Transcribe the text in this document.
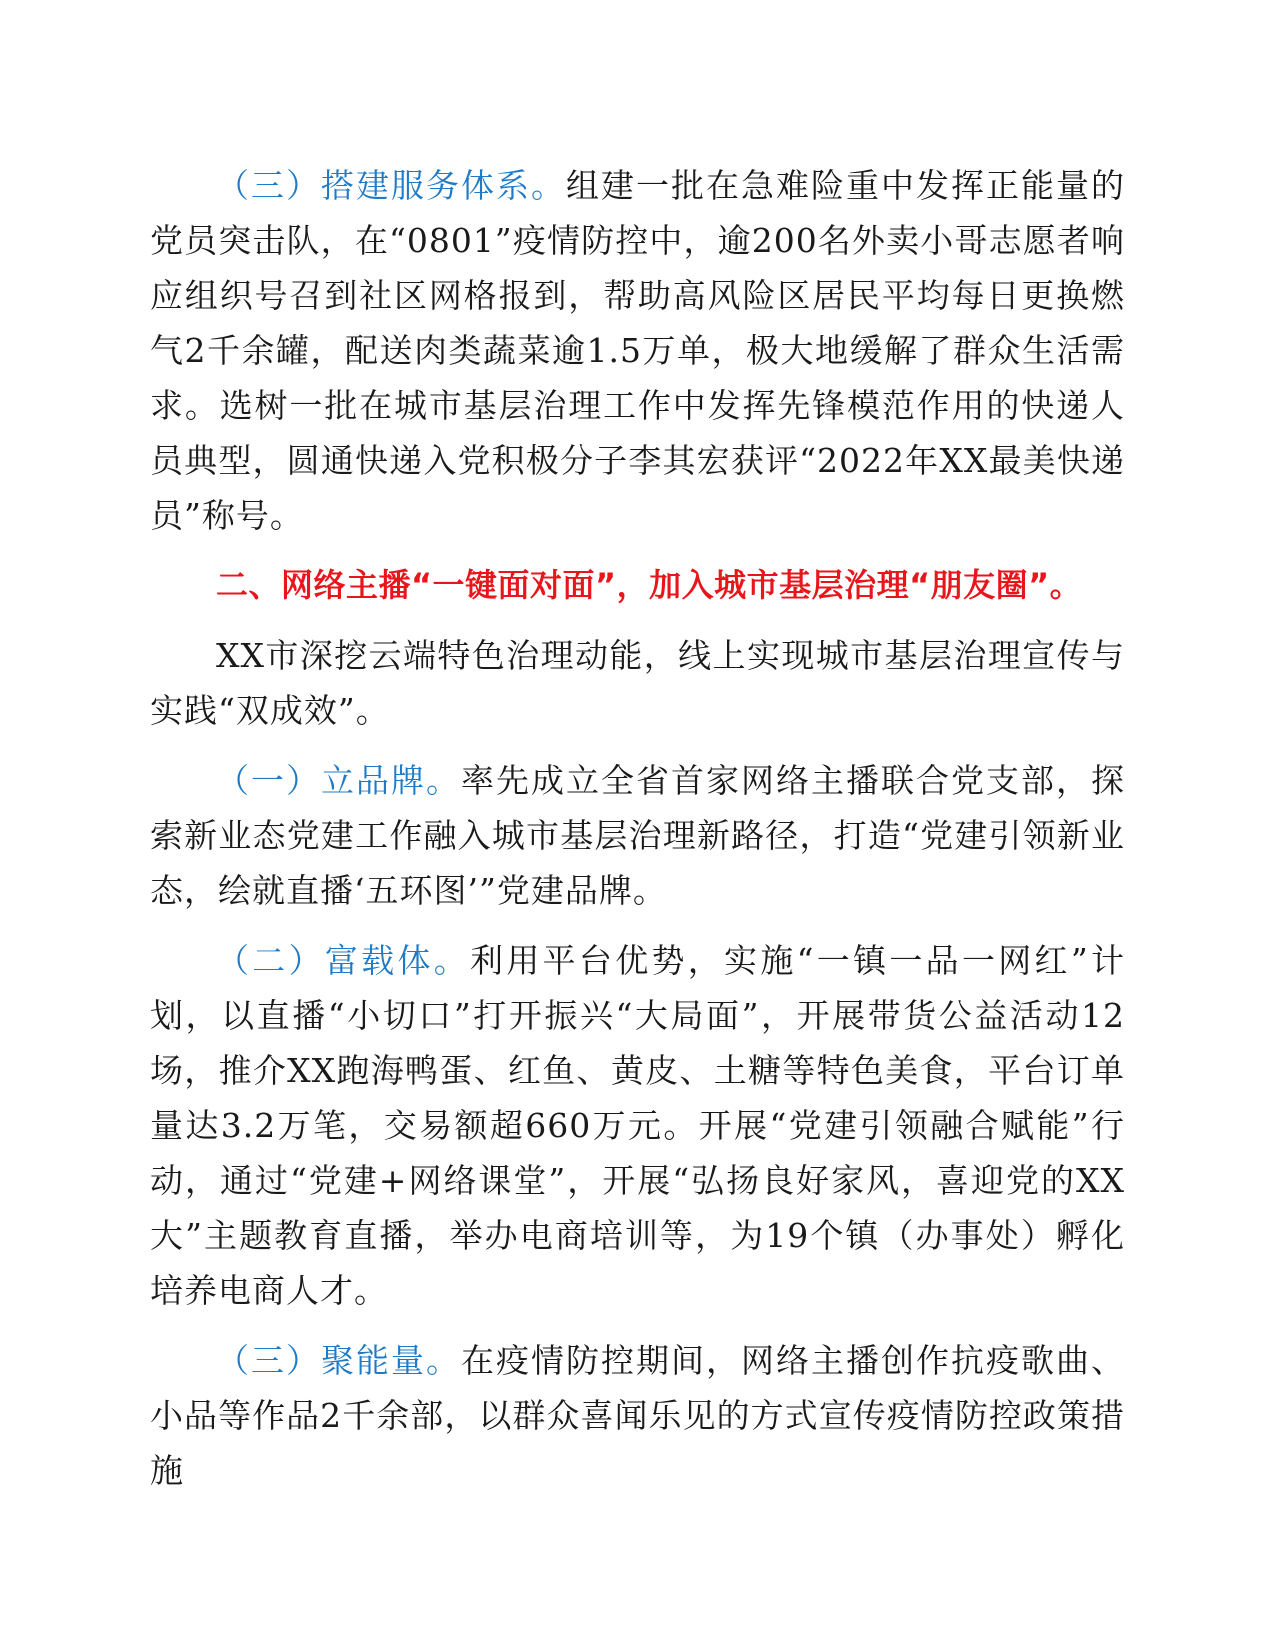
（三）搭建服务体系。组建一批在急难险重中发挥正能量的党员突击队，在“0801”疫情防控中，逾200名外卖小哥志愿者响应组织号召到社区网格报到，帮助高风险区居民平均每日更换燃气2千余罐，配送肉类蔬菜逾1.5万单，极大地缓解了群众生活需求。选树一批在城市基层治理工作中发挥先锋模范作用的快递人员典型，圆通快递入党积极分子李其宏获评“2022年XX最美快递员”称号。

二、网络主播“一键面对面”，加入城市基层治理“朋友圈”。

XX市深挖云端特色治理动能，线上实现城市基层治理宣传与实践“双成效”。

（一）立品牌。率先成立全省首家网络主播联合党支部，探索新业态党建工作融入城市基层治理新路径，打造“党建引领新业态，绘就直播‘五环图’”党建品牌。

（二）富载体。利用平台优势，实施“一镇一品一网红”计划，以直播“小切口”打开振兴“大局面”，开展带货公益活动12场，推介XX跑海鸭蛋、红鱼、黄皮、土糖等特色美食，平台订单量达3.2万笔，交易额超660万元。开展“党建引领融合赋能”行动，通过“党建+网络课堂”，开展“弘扬良好家风，喜迎党的XX大”主题教育直播，举办电商培训等，为19个镇（办事处）孵化培养电商人才。

（三）聚能量。在疫情防控期间，网络主播创作抗疫歌曲、小品等作品2千余部，以群众喜闻乐见的方式宣传疫情防控政策措施
